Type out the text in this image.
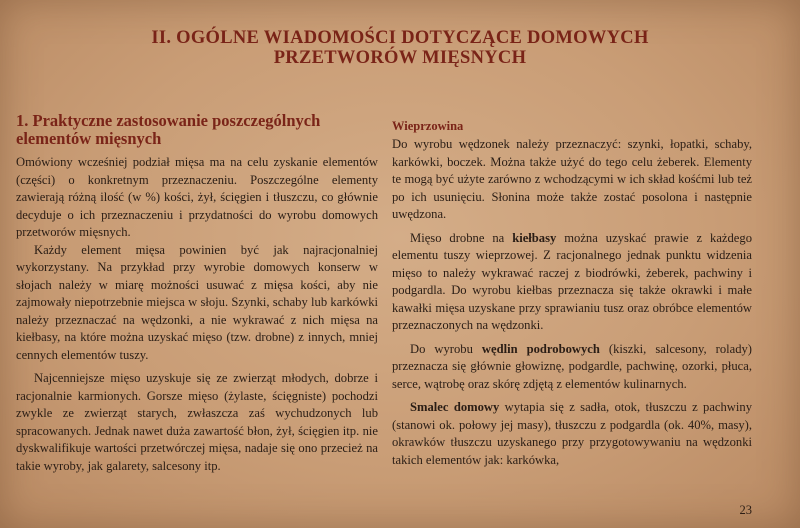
II. OGÓLNE WIADOMOŚCI DOTYCZĄCE DOMOWYCH
PRZETWORÓW MIĘSNYCH
1. Praktyczne zastosowanie poszczególnych elementów mięsnych

Omówiony wcześniej podział mięsa ma na celu zyskanie elementów (części) o konkretnym przeznaczeniu. Poszczególne elementy zawierają różną ilość (w %) kości, żył, ścięgien i tłuszczu, co głównie decyduje o ich przeznaczeniu i przydatności do wyrobu domowych przetworów mięsnych.

Każdy element mięsa powinien być jak najracjonalniej wykorzystany. Na przykład przy wyrobie domowych konserw w słojach należy w miarę możności usuwać z mięsa kości, aby nie zajmowały niepotrzebnie miejsca w słoju. Szynki, schaby lub karkówki należy przeznaczać na wędzonki, a nie wykrawać z nich mięsa na kiełbasy, na które można uzyskać mięso (tzw. drobne) z innych, mniej cennych elementów tuszy.

Najcenniejsze mięso uzyskuje się ze zwierząt młodych, dobrze i racjonalnie karmionych. Gorsze mięso (żylaste, ścięgniste) pochodzi zwykle ze zwierząt starych, zwłaszcza zaś wychudzonych lub spracowanych. Jednak nawet duża zawartość błon, żył, ścięgien itp. nie dyskwalifikuje wartości przetwórczej mięsa, nadaje się ono przecież na takie wyroby, jak galarety, salcesony itp.

Wieprzowina

Do wyrobu wędzonek należy przeznaczyć: szynki, łopatki, schaby, karkówki, boczek. Można także użyć do tego celu żeberek. Elementy te mogą być użyte zarówno z wchodzącymi w ich skład kośćmi lub też po ich usunięciu. Słonina może także zostać posolona i następnie uwędzona.

Mięso drobne na kiełbasy można uzyskać prawie z każdego elementu tuszy wieprzowej. Z racjonalnego jednak punktu widzenia mięso to należy wykrawać raczej z biodrówki, żeberek, pachwiny i podgardla. Do wyrobu kiełbas przeznacza się także okrawki i małe kawałki mięsa uzyskane przy sprawianiu tusz oraz obróbce elementów przeznaczonych na wędzonki.

Do wyrobu wędlin podrobowych (kiszki, salcesony, rolady) przeznacza się głównie głowiznę, podgardle, pachwinę, ozorki, płuca, serce, wątrobę oraz skórę zdjętą z elementów kulinarnych.

Smalec domowy wytapia się z sadła, otok, tłuszczu z pachwiny (stanowi ok. połowy jej masy), tłuszczu z podgardla (ok. 40%, masy), okrawków tłuszczu uzyskanego przy przygotowywaniu na wędzonki takich elementów jak: karkówka,

23
